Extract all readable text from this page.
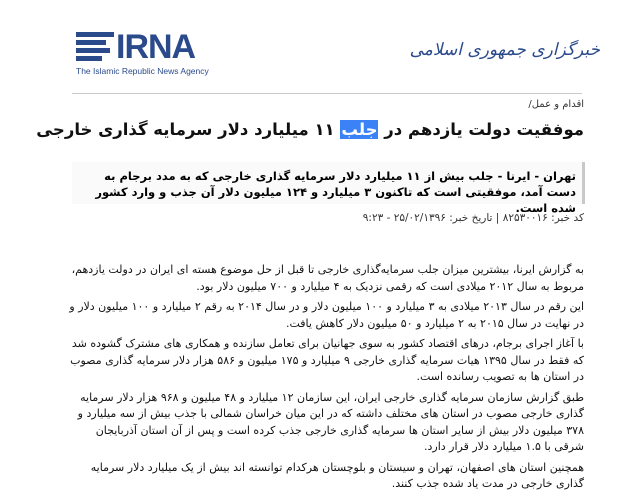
IRNA
The Islamic Republic News Agency
خبرگزاری جمهوری اسلامی
اقدام و عمل/
موفقیت دولت یازدهم در جلب ۱۱ میلیارد دلار سرمایه گذاری خارجی
تهران - ایرنا - جلب بیش از ۱۱ میلیارد دلار سرمایه گذاری خارجی که به مدد برجام به دست آمد، موفقیتی است که تاکنون ۳ میلیارد و ۱۲۴ میلیون دلار آن جذب و وارد کشور شده است.
کد خبر: ۸۲۵۳۰۰۱۶ | تاریخ خبر: ۲۵/۰۲/۱۳۹۶ - ۹:۲۳

به گزارش ایرنا، بیشترین میزان جلب سرمایه‌گذاری خارجی تا قبل از حل موضوع هسته ای ایران در دولت یازدهم، مربوط به سال ۲۰۱۲ میلادی است که رقمی نزدیک به ۴ میلیارد و ۷۰۰ میلیون دلار بود.

این رقم در سال ۲۰۱۳ میلادی به ۳ میلیارد و ۱۰۰ میلیون دلار و در سال ۲۰۱۴ به رقم ۲ میلیارد و ۱۰۰ میلیون دلار و در نهایت در سال ۲۰۱۵ به ۲ میلیارد و ۵۰ میلیون دلار کاهش یافت.

با آغاز اجرای برجام، درهای اقتصاد کشور به سوی جهانیان برای تعامل سازنده و همکاری های مشترک گشوده شد که فقط در سال ۱۳۹۵ هیات سرمایه گذاری خارجی ۹ میلیارد و ۱۷۵ میلیون و ۵۸۶ هزار دلار سرمایه گذاری مصوب در استان ها به تصویب رسانده است.

طبق گزارش سازمان سرمایه گذاری خارجی ایران، این سازمان ۱۲ میلیارد و ۴۸ میلیون و ۹۶۸ هزار دلار سرمایه گذاری خارجی مصوب در استان های مختلف داشته که در این میان خراسان شمالی با جذب بیش از سه میلیارد و ۳۷۸ میلیون دلار بیش از سایر استان ها سرمایه گذاری خارجی جذب کرده است و پس از آن استان آذربایجان شرقی با ۱.۵ میلیارد دلار قرار دارد.

همچنین استان های اصفهان، تهران و سیستان و بلوچستان هرکدام توانسته اند بیش از یک میلیارد دلار سرمایه گذاری خارجی در مدت یاد شده جذب کنند.
